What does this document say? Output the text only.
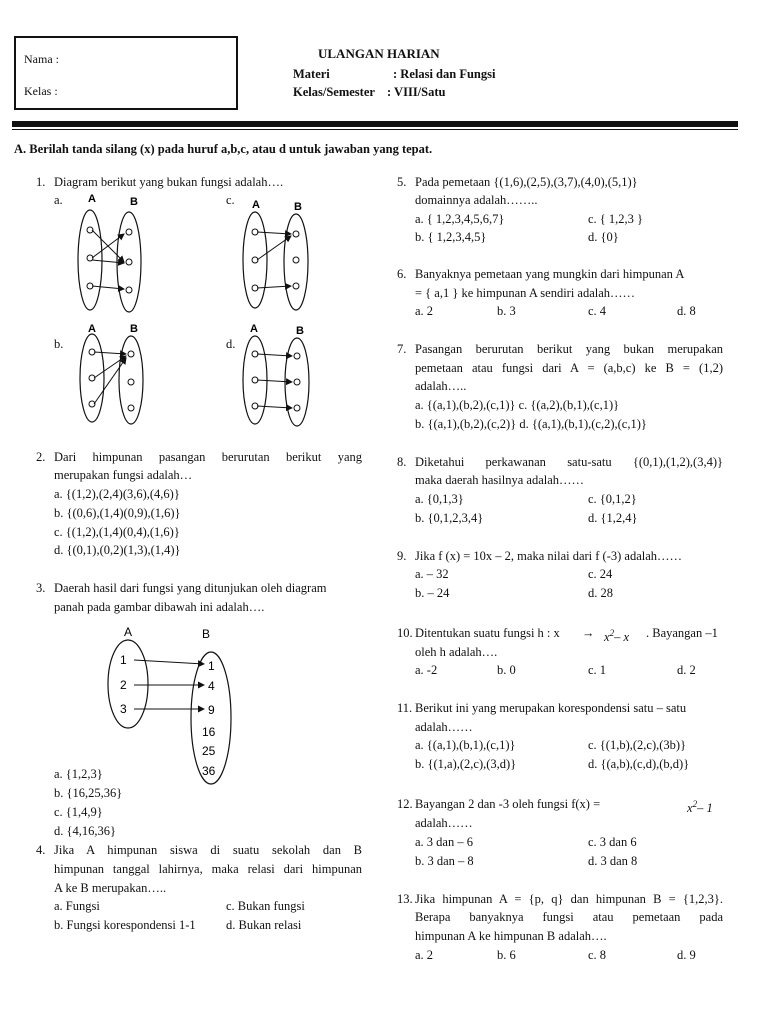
Nama :
Kelas :
ULANGAN HARIAN
Materi	: Relasi dan Fungsi
Kelas/Semester : VIII/Satu
A. Berilah tanda silang (x) pada huruf a,b,c, atau d untuk jawaban yang tepat.
1. Diagram berikut yang bukan fungsi adalah….
a.	c.
b.	d.
A	B	A	B
A	B	A	B
2. Dari himpunan pasangan berurutan berikut yang
merupakan fungsi adalah…
a. {(1,2),(2,4)(3,6),(4,6)}
b. {(0,6),(1,4)(0,9),(1,6)}
c. {(1,2),(1,4)(0,4),(1,6)}
d. {(0,1),(0,2)(1,3),(1,4)}
3. Daerah hasil dari fungsi yang ditunjukan oleh diagram
panah pada gambar dibawah ini adalah….
A	B
1
2
3
1
4
9
16
25
36
a. {1,2,3}
b. {16,25,36}
c. {1,4,9}
d. {4,16,36}
4. Jika A himpunan siswa di suatu sekolah dan B
himpunan tanggal lahirnya, maka relasi dari himpunan
A ke B merupakan…..
a. Fungsi	c. Bukan fungsi
b. Fungsi korespondensi 1-1 d. Bukan relasi
5. Pada pemetaan {(1,6),(2,5),(3,7),(4,0),(5,1)}
domainnya adalah……..
a. { 1,2,3,4,5,6,7}	c. { 1,2,3 }
b. { 1,2,3,4,5}	d. {0}
6. Banyaknya pemetaan yang mungkin dari himpunan A
= { a,1 } ke himpunan A sendiri adalah……
a. 2	b. 3	c. 4	d. 8
7. Pasangan berurutan berikut yang bukan merupakan
pemetaan atau fungsi dari A = (a,b,c) ke B = (1,2)
adalah…..
a. {(a,1),(b,2),(c,1)} c. {(a,2),(b,1),(c,1)}
b. {(a,1),(b,2),(c,2)} d. {(a,1),(b,1),(c,2),(c,1)}
8. Diketahui perkawanan satu-satu {(0,1),(1,2),(3,4)}
maka daerah hasilnya adalah……
a. {0,1,3}	c. {0,1,2}
b. {0,1,2,3,4}	d. {1,2,4}
9. Jika f (x) = 10x – 2, maka nilai dari f (-3) adalah……
a. – 32	c. 24
b. – 24	d. 28
10. Ditentukan suatu fungsi h : $x \to x^2-$ x . Bayangan –1
oleh h adalah….
a. -2	b. 0	c. 1	d. 2
11. Berikut ini yang merupakan korespondensi satu – satu
adalah……
a. {(a,1),(b,1),(c,1)}	c. {(1,b),(2,c),(3b)}
b. {(1,a),(2,c),(3,d)}	d. {(a,b),(c,d),(b,d)}
12. Bayangan 2 dan -3 oleh fungsi f(x) =	$x^2-$ 1
adalah……
a. 3 dan – 6	c. 3 dan 6
b. 3 dan – 8	d. 3 dan 8
13. Jika himpunan A = {p, q} dan himpunan B = {1,2,3}.
Berapa banyaknya fungsi atau pemetaan pada
himpunan A ke himpunan B adalah….
a. 2	b. 6	c. 8	d. 9
